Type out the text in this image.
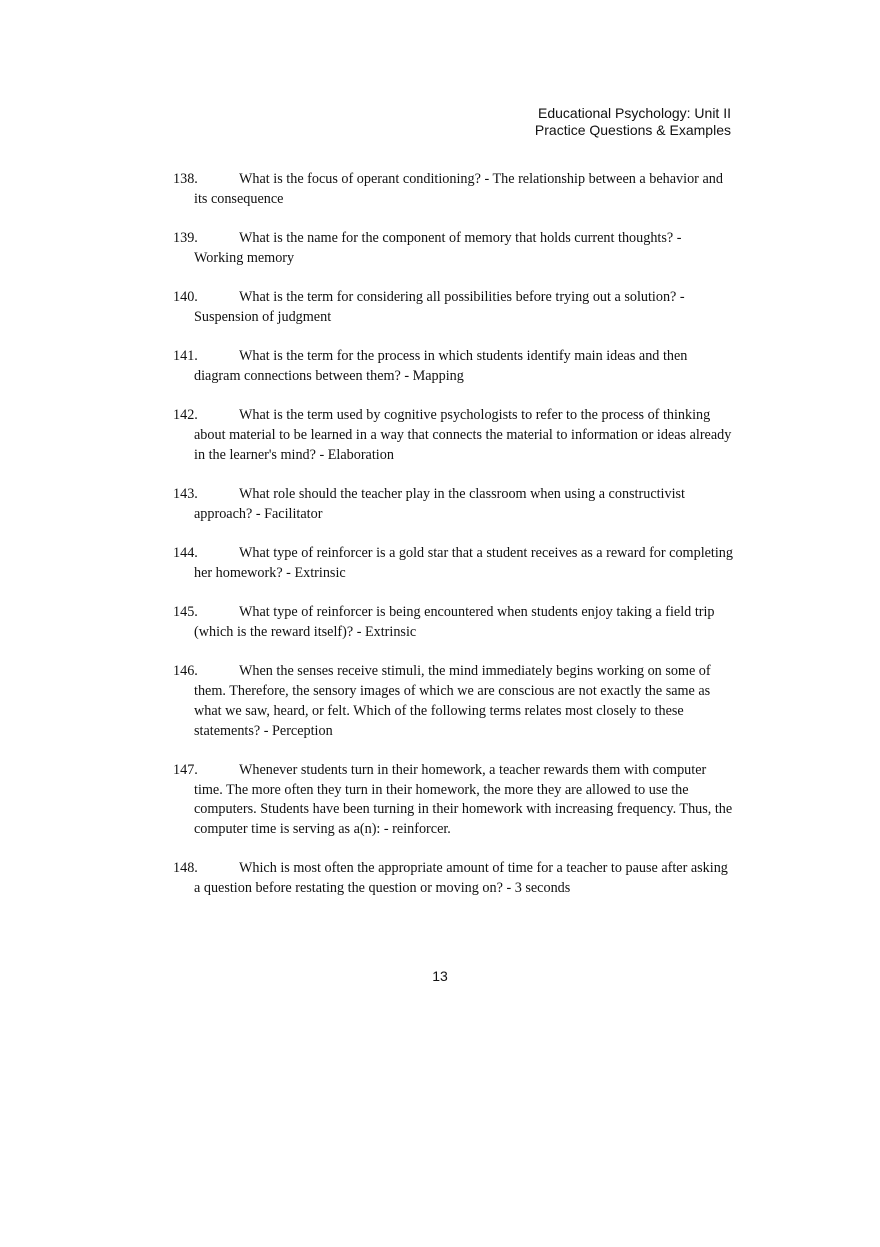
Educational Psychology: Unit II
Practice Questions & Examples
138.	What is the focus of operant conditioning? - The relationship between a behavior and its consequence
139.	What is the name for the component of memory that holds current thoughts? - Working memory
140.	What is the term for considering all possibilities before trying out a solution? - Suspension of judgment
141.	What is the term for the process in which students identify main ideas and then diagram connections between them? - Mapping
142.	What is the term used by cognitive psychologists to refer to the process of thinking about material to be learned in a way that connects the material to information or ideas already in the learner's mind? - Elaboration
143.	What role should the teacher play in the classroom when using a constructivist approach? - Facilitator
144.	What type of reinforcer is a gold star that a student receives as a reward for completing her homework? - Extrinsic
145.	What type of reinforcer is being encountered when students enjoy taking a field trip (which is the reward itself)? - Extrinsic
146.	When the senses receive stimuli, the mind immediately begins working on some of them. Therefore, the sensory images of which we are conscious are not exactly the same as what we saw, heard, or felt. Which of the following terms relates most closely to these statements? - Perception
147.	Whenever students turn in their homework, a teacher rewards them with computer time. The more often they turn in their homework, the more they are allowed to use the computers. Students have been turning in their homework with increasing frequency. Thus, the computer time is serving as a(n): - reinforcer.
148.	Which is most often the appropriate amount of time for a teacher to pause after asking a question before restating the question or moving on? - 3 seconds
13
